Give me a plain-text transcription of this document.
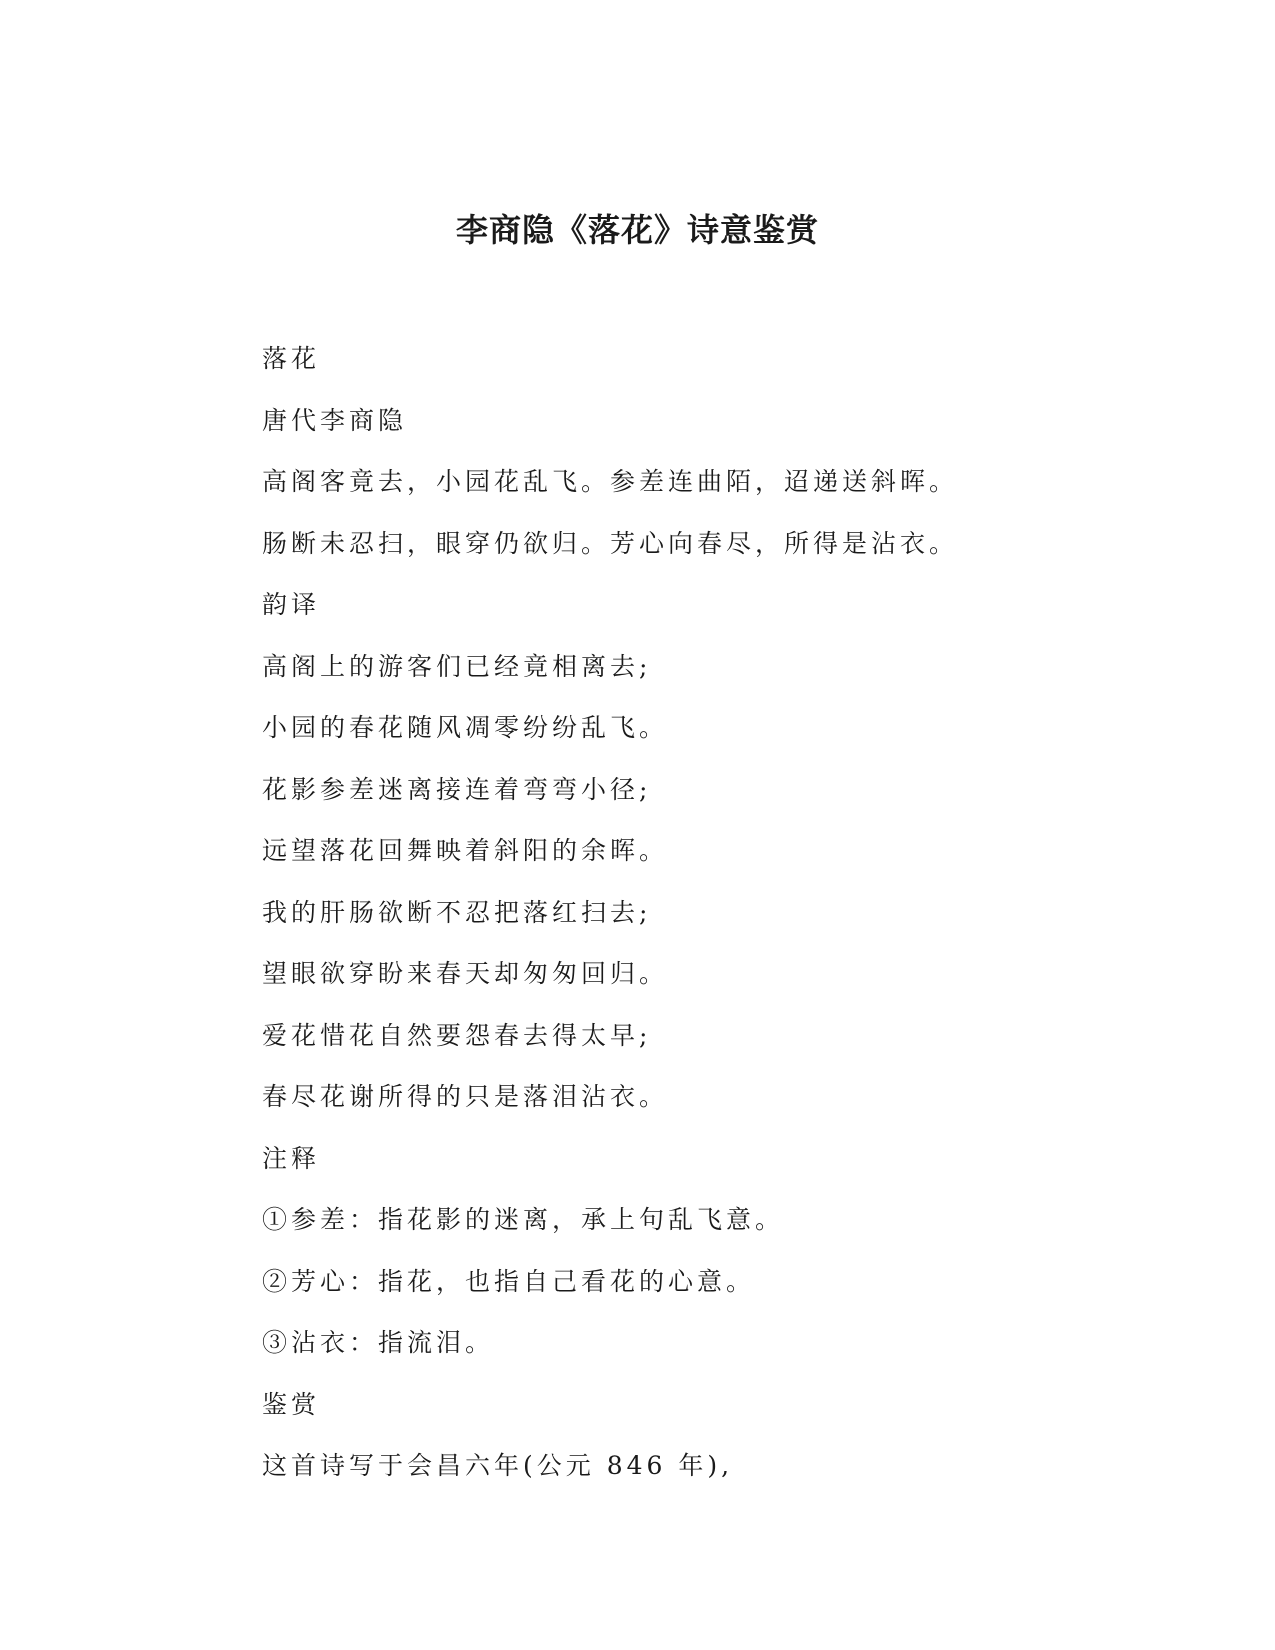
李商隐《落花》诗意鉴赏
落花
唐代李商隐
高阁客竟去，小园花乱飞。参差连曲陌，迢递送斜晖。
肠断未忍扫，眼穿仍欲归。芳心向春尽，所得是沾衣。
韵译
高阁上的游客们已经竟相离去;
小园的春花随风凋零纷纷乱飞。
花影参差迷离接连着弯弯小径;
远望落花回舞映着斜阳的余晖。
我的肝肠欲断不忍把落红扫去;
望眼欲穿盼来春天却匆匆回归。
爱花惜花自然要怨春去得太早;
春尽花谢所得的只是落泪沾衣。
注释
①参差：指花影的迷离，承上句乱飞意。
②芳心：指花，也指自己看花的心意。
③沾衣：指流泪。
鉴赏
这首诗写于会昌六年(公元 846 年),
